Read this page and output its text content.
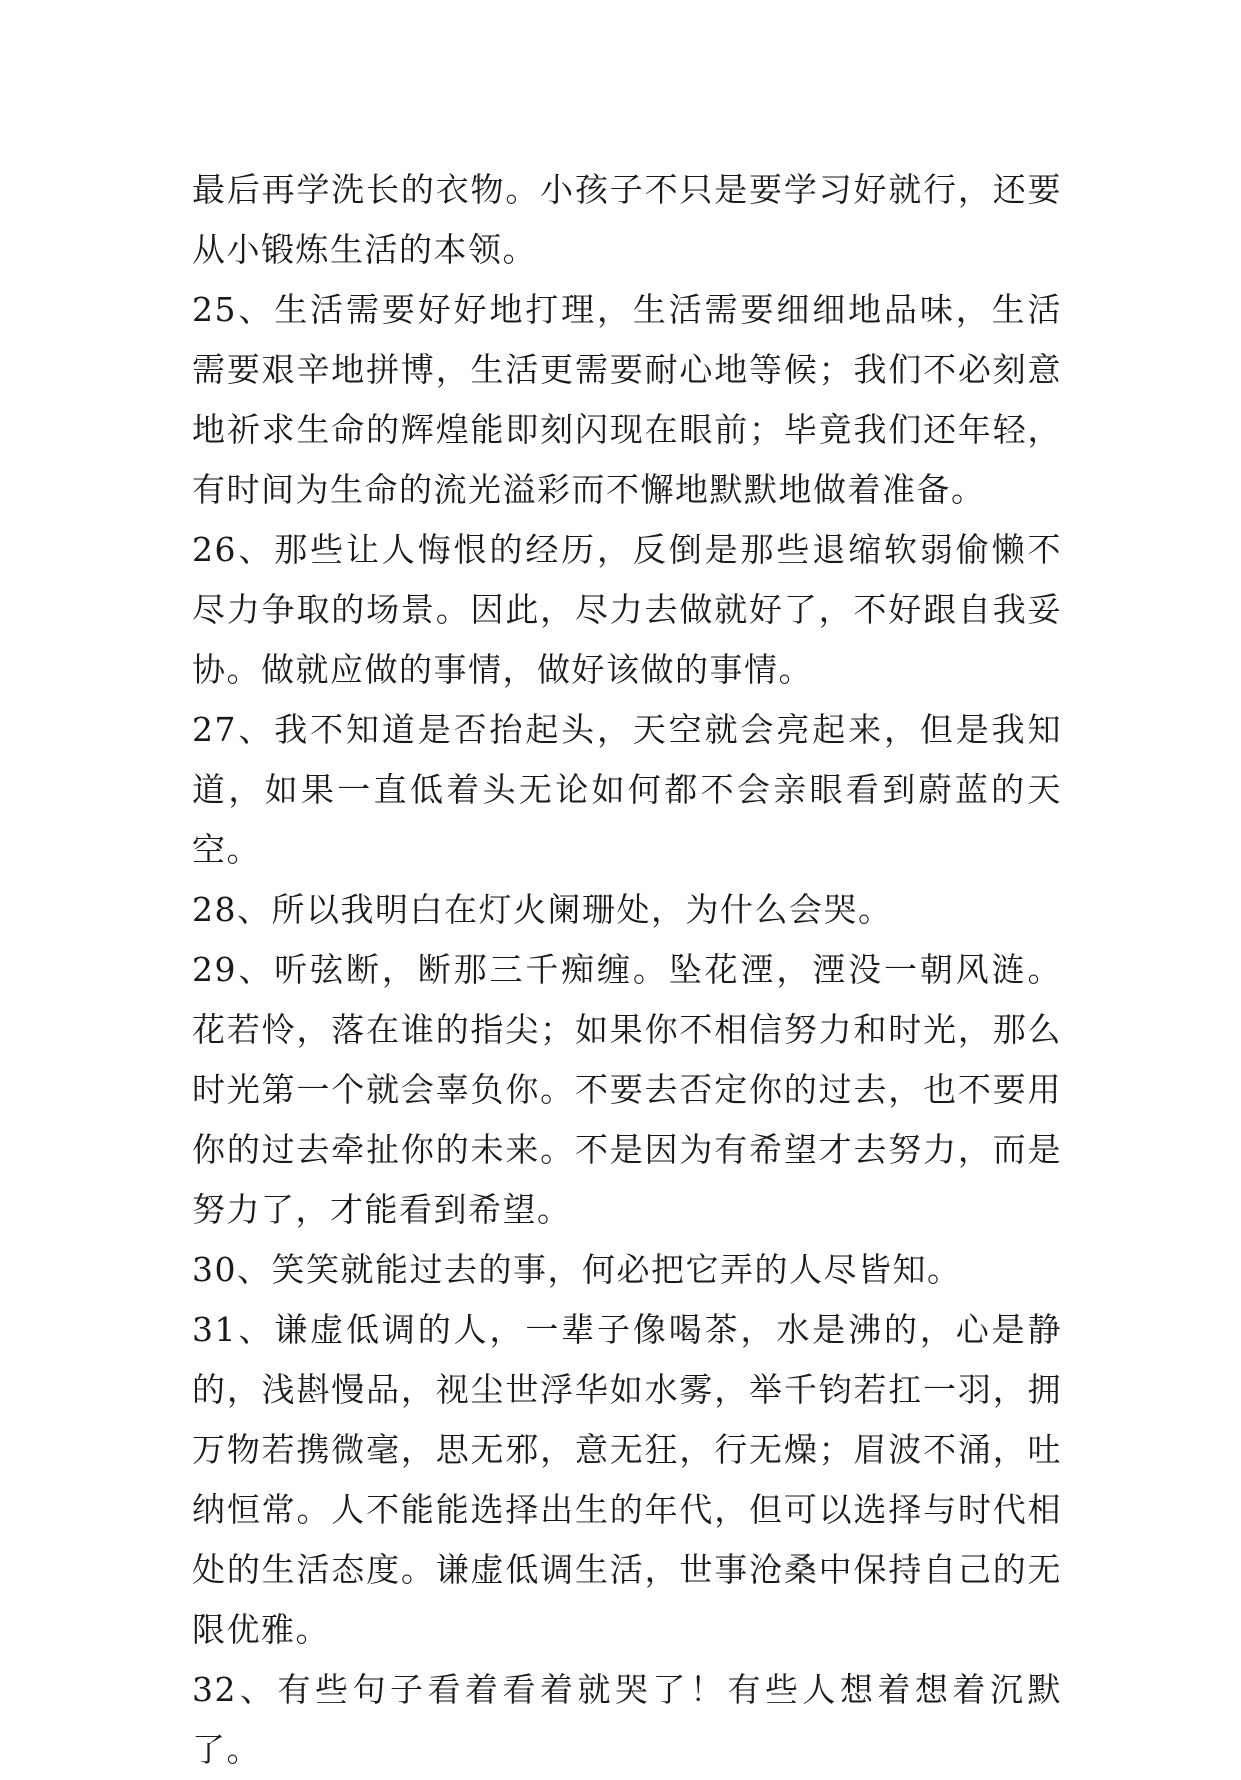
最后再学洗长的衣物。小孩子不只是要学习好就行，还要从小锻炼生活的本领。

25、生活需要好好地打理，生活需要细细地品味，生活需要艰辛地拼博，生活更需要耐心地等候；我们不必刻意地祈求生命的辉煌能即刻闪现在眼前；毕竟我们还年轻，有时间为生命的流光溢彩而不懈地默默地做着准备。

26、那些让人悔恨的经历，反倒是那些退缩软弱偷懒不尽力争取的场景。因此，尽力去做就好了，不好跟自我妥协。做就应做的事情，做好该做的事情。

27、我不知道是否抬起头，天空就会亮起来，但是我知道，如果一直低着头无论如何都不会亲眼看到蔚蓝的天空。

28、所以我明白在灯火阑珊处，为什么会哭。

29、听弦断，断那三千痴缠。坠花湮，湮没一朝风涟。花若怜，落在谁的指尖；如果你不相信努力和时光，那么时光第一个就会辜负你。不要去否定你的过去，也不要用你的过去牵扯你的未来。不是因为有希望才去努力，而是努力了，才能看到希望。

30、笑笑就能过去的事，何必把它弄的人尽皆知。

31、谦虚低调的人，一辈子像喝茶，水是沸的，心是静的，浅斟慢品，视尘世浮华如水雾，举千钧若扛一羽，拥万物若携微毫，思无邪，意无狂，行无燥；眉波不涌，吐纳恒常。人不能能选择出生的年代，但可以选择与时代相处的生活态度。谦虚低调生活，世事沧桑中保持自己的无限优雅。

32、有些句子看着看着就哭了！有些人想着想着沉默了。
